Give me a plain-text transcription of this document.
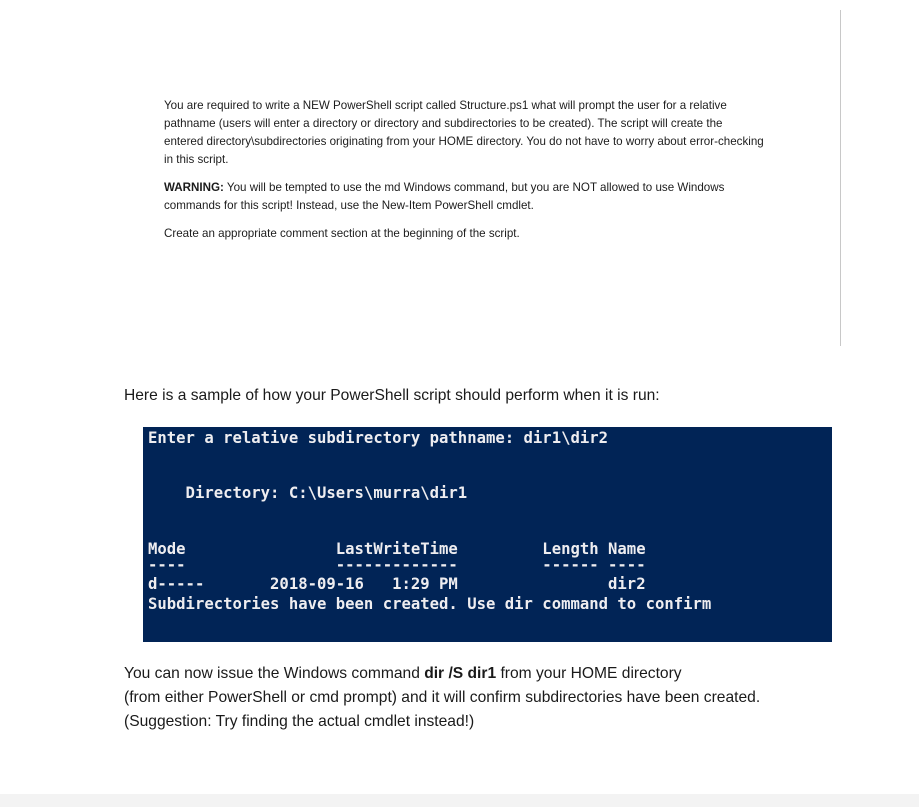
You are required to write a NEW PowerShell script called Structure.ps1 what will prompt the user for a relative pathname (users will enter a directory or directory and subdirectories to be created). The script will create the entered directory\subdirectories originating from your HOME directory. You do not have to worry about error-checking in this script.

WARNING: You will be tempted to use the md Windows command, but you are NOT allowed to use Windows commands for this script! Instead, use the New-Item PowerShell cmdlet.

Create an appropriate comment section at the beginning of the script.

Here is a sample of how your PowerShell script should perform when it is run:
Enter a relative subdirectory pathname: dir1\dir2
Directory: C:\Users\murra\dir1
Mode                LastWriteTime         Length Name
----                -------------         ------ ----
d-----       2018-09-16   1:29 PM                dir2
Subdirectories have been created. Use dir command to confirm
You can now issue the Windows command dir /S dir1 from your HOME directory
(from either PowerShell or cmd prompt) and it will confirm subdirectories have been created.
(Suggestion: Try finding the actual cmdlet instead!)
